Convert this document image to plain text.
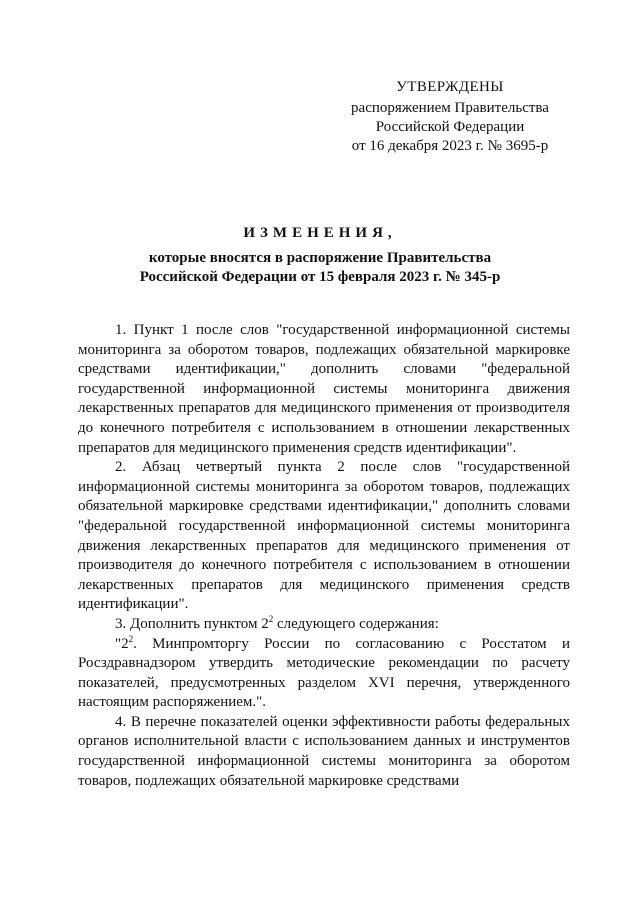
УТВЕРЖДЕНЫ
распоряжением Правительства
Российской Федерации
от 16 декабря 2023 г. № 3695-р
ИЗМЕНЕНИЯ,
которые вносятся в распоряжение Правительства
Российской Федерации от 15 февраля 2023 г. № 345-р

1. Пункт 1 после слов "государственной информационной системы мониторинга за оборотом товаров, подлежащих обязательной маркировке средствами идентификации," дополнить словами "федеральной государственной информационной системы мониторинга движения лекарственных препаратов для медицинского применения от производителя до конечного потребителя с использованием в отношении лекарственных препаратов для медицинского применения средств идентификации".

2. Абзац четвертый пункта 2 после слов "государственной информационной системы мониторинга за оборотом товаров, подлежащих обязательной маркировке средствами идентификации," дополнить словами "федеральной государственной информационной системы мониторинга движения лекарственных препаратов для медицинского применения от производителя до конечного потребителя с использованием в отношении лекарственных препаратов для медицинского применения средств идентификации".

3. Дополнить пунктом $2^2$ следующего содержания:

"$2^2$. Минпромторгу России по согласованию с Росстатом и Росздравнадзором утвердить методические рекомендации по расчету показателей, предусмотренных разделом XVI перечня, утвержденного настоящим распоряжением.".

4. В перечне показателей оценки эффективности работы федеральных органов исполнительной власти с использованием данных и инструментов государственной информационной системы мониторинга за оборотом товаров, подлежащих обязательной маркировке средствами
